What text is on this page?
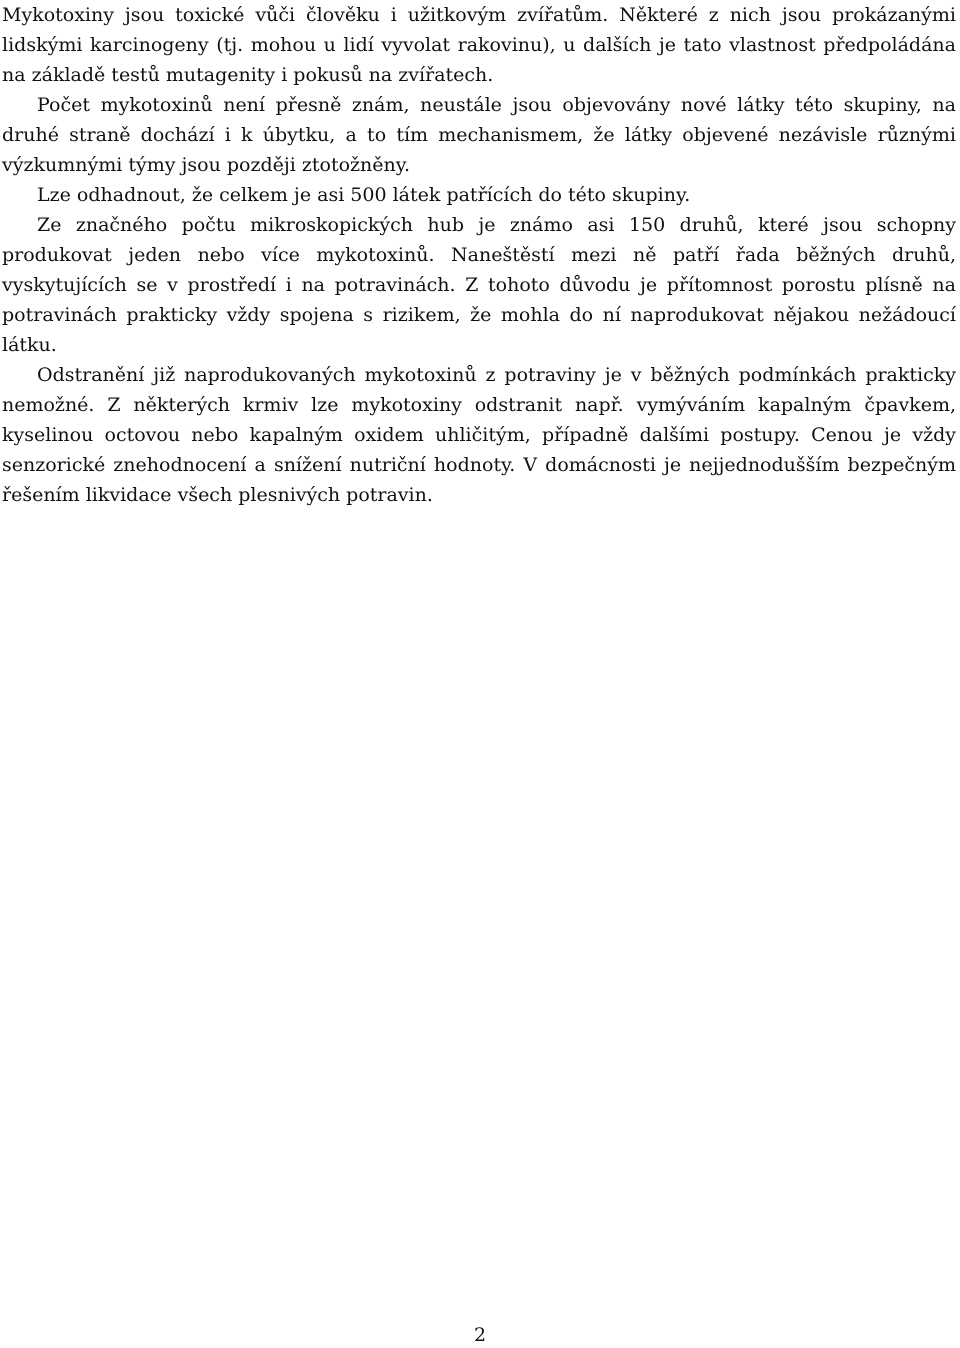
Mykotoxiny jsou toxické vůči člověku i užitkovým zvířatům. Některé z nich jsou prokázanými lidskými karcinogeny (tj. mohou u lidí vyvolat rakovinu), u dalších je tato vlastnost předpoládána na základě testů mutagenity i pokusů na zvířatech.

Počet mykotoxinů není přesně znám, neustále jsou objevovány nové látky této skupiny, na druhé straně dochází i k úbytku, a to tím mechanismem, že látky objevené nezávisle různými výzkumnými týmy jsou později ztotožněny.

Lze odhadnout, že celkem je asi 500 látek patřících do této skupiny.

Ze značného počtu mikroskopických hub je známo asi 150 druhů, které jsou schopny produkovat jeden nebo více mykotoxinů. Naneštěstí mezi ně patří řada běžných druhů, vyskytujících se v prostředí i na potravinách. Z tohoto důvodu je přítomnost porostu plísně na potravinách prakticky vždy spojena s rizikem, že mohla do ní naprodukovat nějakou nežádoucí látku.

Odstranění již naprodukovaných mykotoxinů z potraviny je v běžných podmínkách prakticky nemožné. Z některých krmiv lze mykotoxiny odstranit např. vymýváním kapalným čpavkem, kyselinou octovou nebo kapalným oxidem uhličitým, případně dalšími postupy. Cenou je vždy senzorické znehodnocení a snížení nutriční hodnoty. V domácnosti je nejjednodušším bezpečným řešením likvidace všech plesnivých potravin.

2
